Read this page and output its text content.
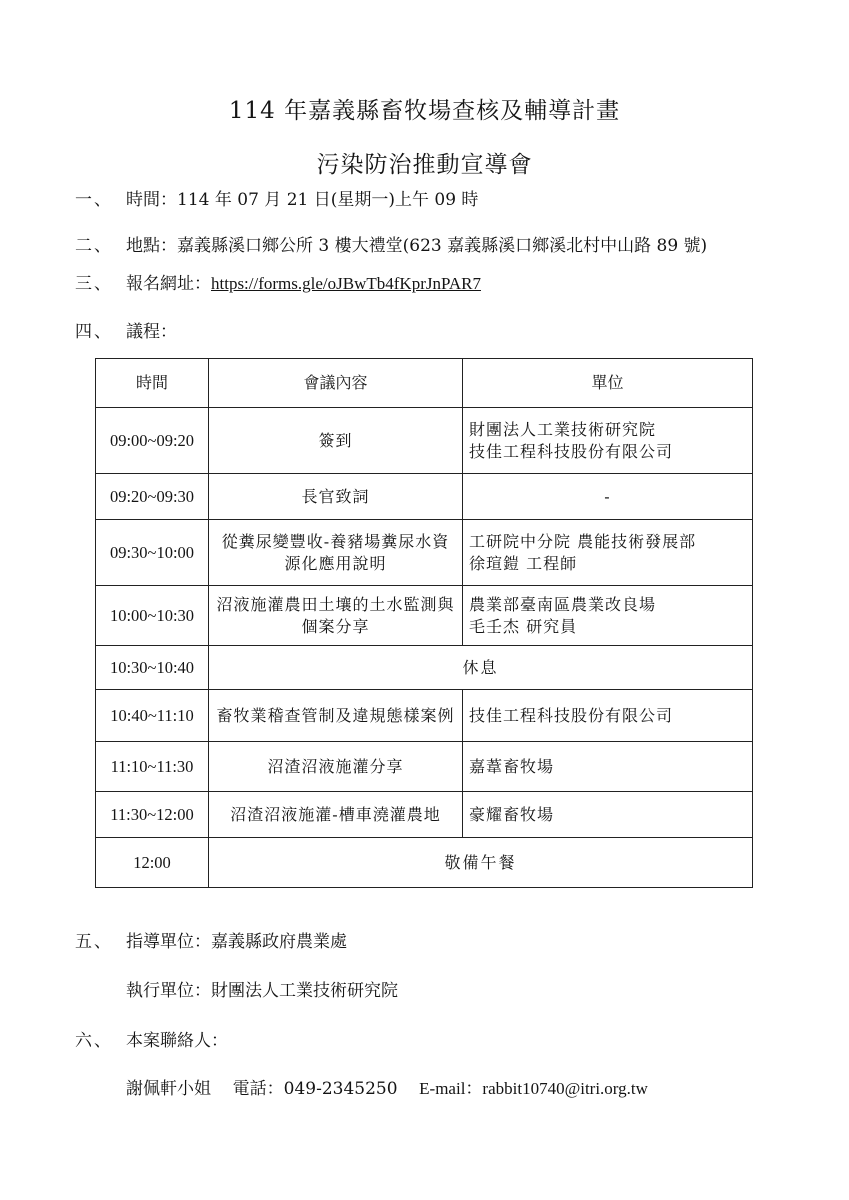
114 年嘉義縣畜牧場查核及輔導計畫
污染防治推動宣導會
一、 時間：114 年 07 月 21 日(星期一)上午 09 時
二、 地點：嘉義縣溪口鄉公所 3 樓大禮堂(623 嘉義縣溪口鄉溪北村中山路 89 號)
三、 報名網址：https://forms.gle/oJBwTb4fKprJnPAR7
四、 議程：
時間	會議內容	單位
09:00~09:20	簽到	財團法人工業技術研究院
技佳工程科技股份有限公司

09:20~09:30	長官致詞	-

09:30~10:00	從糞尿變豐收-養豬場糞尿水資源化應用說明	工研院中分院 農能技術發展部
徐瑄鎧 工程師

10:00~10:30	沼液施灌農田土壤的土水監測與個案分享	農業部臺南區農業改良場
毛壬杰 研究員

10:30~10:40	休息	
10:40~11:10	畜牧業稽查管制及違規態樣案例	技佳工程科技股份有限公司

11:10~11:30	沼渣沼液施灌分享	嘉葦畜牧場

11:30~12:00	沼渣沼液施灌-槽車澆灌農地	豪耀畜牧場

12:00	敬備午餐	
五、 指導單位：嘉義縣政府農業處
執行單位：財團法人工業技術研究院
六、 本案聯絡人：
謝佩軒小姐 電話：049-2345250 E-mail：rabbit10740@itri.org.tw
